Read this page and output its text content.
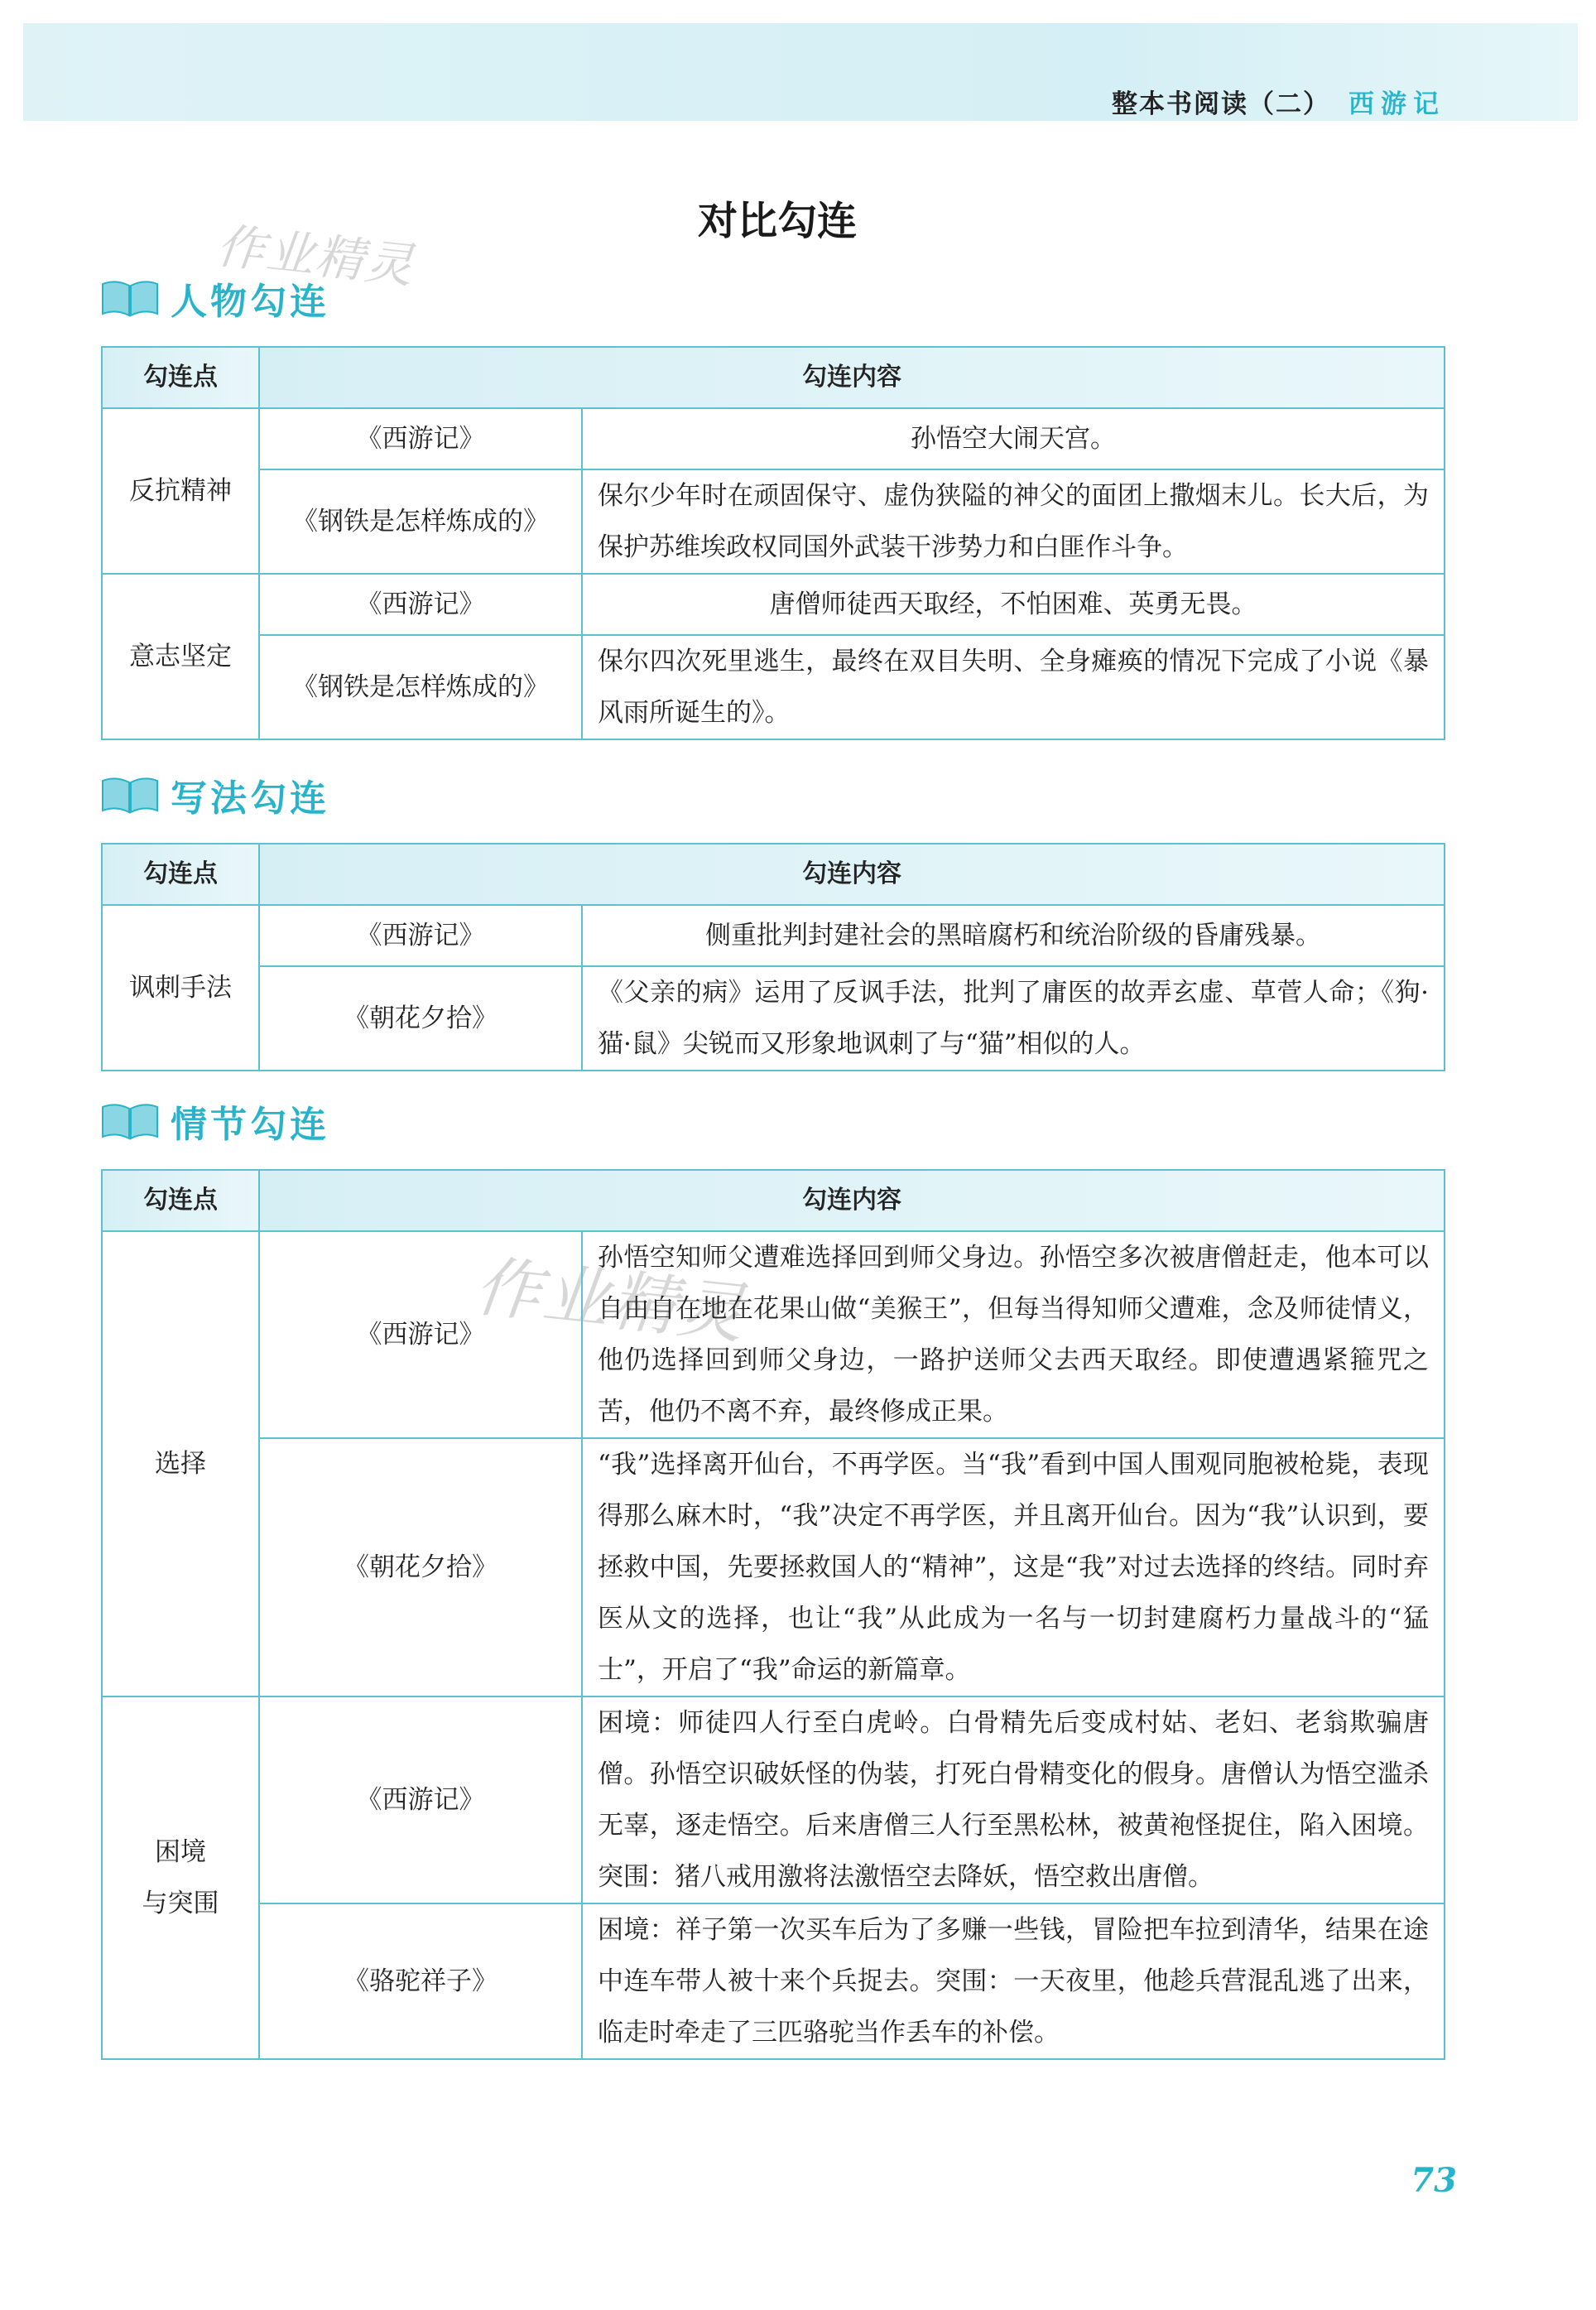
整本书阅读（二） 西游记
对比勾连
作业精灵
作业精灵
人物勾连
勾连点	勾连内容	
反抗精神	《西游记》	孙悟空大闹天宫。
	《钢铁是怎样炼成的》	保尔少年时在顽固保守、虚伪狭隘的神父的面团上撒烟末儿。长大后，为保护苏维埃政权同国外武装干涉势力和白匪作斗争。
意志坚定	《西游记》	唐僧师徒西天取经，不怕困难、英勇无畏。
	《钢铁是怎样炼成的》	保尔四次死里逃生，最终在双目失明、全身瘫痪的情况下完成了小说《暴风雨所诞生的》。
写法勾连
勾连点	勾连内容	
讽刺手法	《西游记》	侧重批判封建社会的黑暗腐朽和统治阶级的昏庸残暴。
	《朝花夕拾》	《父亲的病》运用了反讽手法，批判了庸医的故弄玄虚、草菅人命；《狗·猫·鼠》尖锐而又形象地讽刺了与“猫”相似的人。
情节勾连
勾连点	勾连内容	
选择	《西游记》	孙悟空知师父遭难选择回到师父身边。孙悟空多次被唐僧赶走，他本可以自由自在地在花果山做“美猴王”，但每当得知师父遭难，念及师徒情义，他仍选择回到师父身边，一路护送师父去西天取经。即使遭遇紧箍咒之苦，他仍不离不弃，最终修成正果。
	《朝花夕拾》	“我”选择离开仙台，不再学医。当“我”看到中国人围观同胞被枪毙，表现得那么麻木时，“我”决定不再学医，并且离开仙台。因为“我”认识到，要拯救中国，先要拯救国人的“精神”，这是“我”对过去选择的终结。同时弃医从文的选择，也让“我”从此成为一名与一切封建腐朽力量战斗的“猛士”，开启了“我”命运的新篇章。

困境
与突围	《西游记》	困境：师徒四人行至白虎岭。白骨精先后变成村姑、老妇、老翁欺骗唐僧。孙悟空识破妖怪的伪装，打死白骨精变化的假身。唐僧认为悟空滥杀无辜，逐走悟空。后来唐僧三人行至黑松林，被黄袍怪捉住，陷入困境。突围：猪八戒用激将法激悟空去降妖，悟空救出唐僧。
	《骆驼祥子》	困境：祥子第一次买车后为了多赚一些钱，冒险把车拉到清华，结果在途中连车带人被十来个兵捉去。突围：一天夜里，他趁兵营混乱逃了出来，临走时牵走了三匹骆驼当作丢车的补偿。
73
